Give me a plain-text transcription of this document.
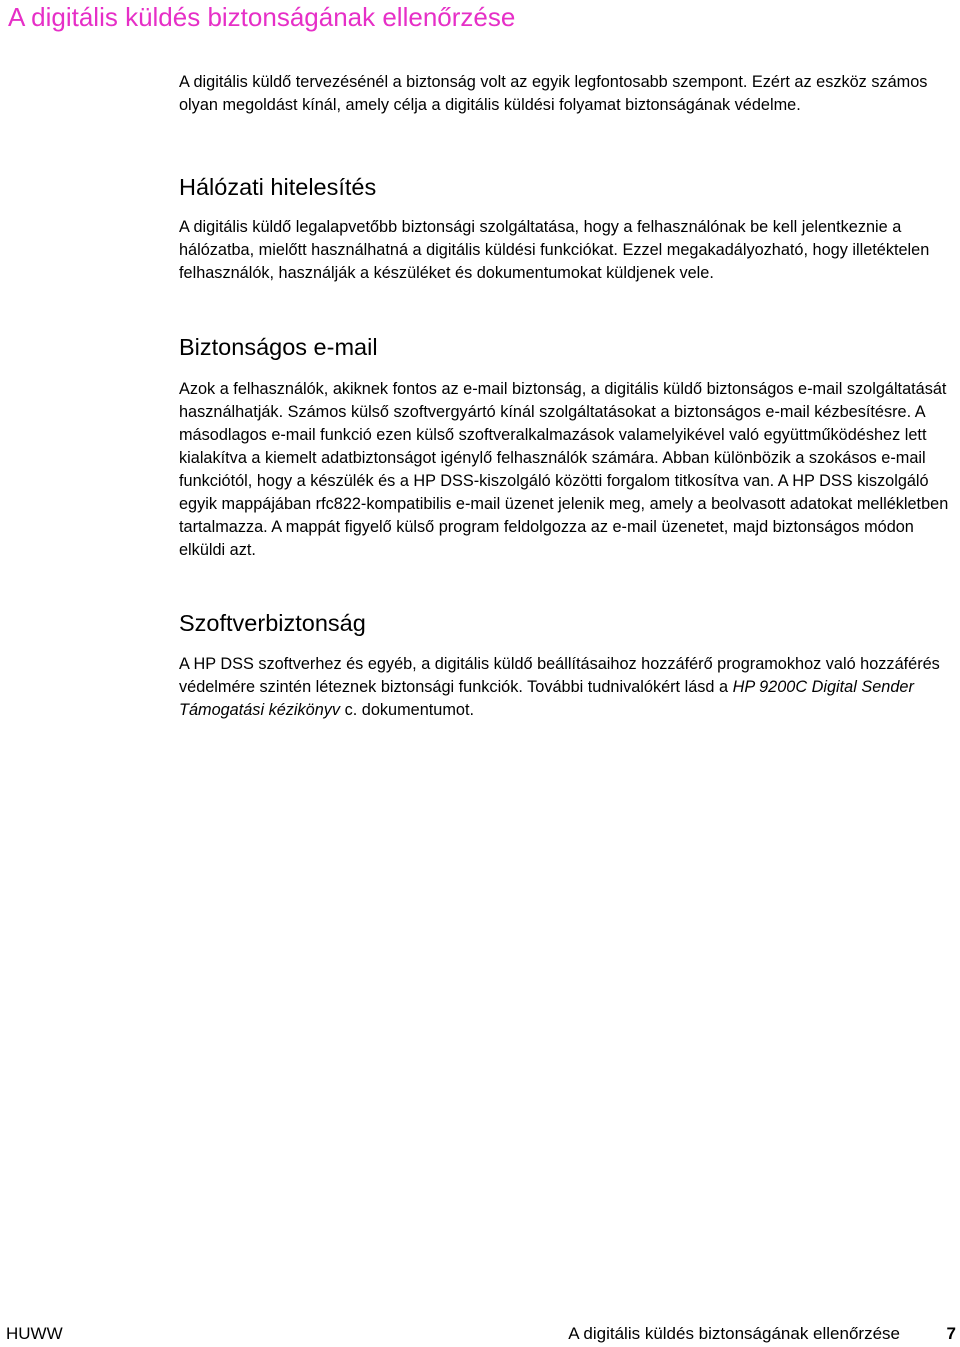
A digitális küldés biztonságának ellenőrzése

A digitális küldő tervezésénél a biztonság volt az egyik legfontosabb szempont. Ezért az eszköz számos olyan megoldást kínál, amely célja a digitális küldési folyamat biztonságának védelme.

Hálózati hitelesítés

A digitális küldő legalapvetőbb biztonsági szolgáltatása, hogy a felhasználónak be kell jelentkeznie a hálózatba, mielőtt használhatná a digitális küldési funkciókat. Ezzel megakadályozható, hogy illetéktelen felhasználók, használják a készüléket és dokumentumokat küldjenek vele.

Biztonságos e-mail

Azok a felhasználók, akiknek fontos az e-mail biztonság, a digitális küldő biztonságos e-mail szolgáltatását használhatják. Számos külső szoftvergyártó kínál szolgáltatásokat a biztonságos e-mail kézbesítésre. A másodlagos e-mail funkció ezen külső szoftveralkalmazások valamelyikével való együttműködéshez lett kialakítva a kiemelt adatbiztonságot igénylő felhasználók számára. Abban különbözik a szokásos e-mail funkciótól, hogy a készülék és a HP DSS-kiszolgáló közötti forgalom titkosítva van. A HP DSS kiszolgáló egyik mappájában rfc822-kompatibilis e-mail üzenet jelenik meg, amely a beolvasott adatokat mellékletben tartalmazza. A mappát figyelő külső program feldolgozza az e-mail üzenetet, majd biztonságos módon elküldi azt.

Szoftverbiztonság

A HP DSS szoftverhez és egyéb, a digitális küldő beállításaihoz hozzáférő programokhoz való hozzáférés védelmére szintén léteznek biztonsági funkciók. További tudnivalókért lásd a HP 9200C Digital Sender Támogatási kézikönyv c. dokumentumot.

HUWW	A digitális küldés biztonságának ellenőrzése	7
